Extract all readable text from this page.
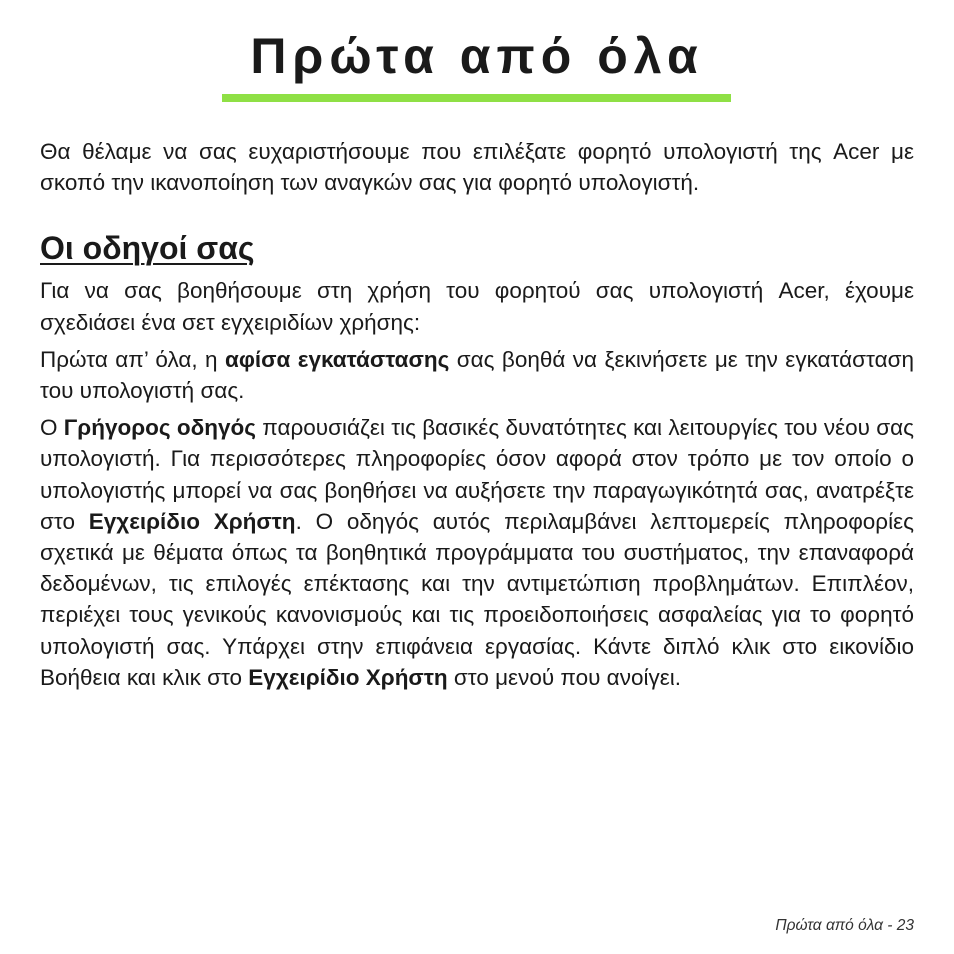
Πρώτα από όλα

Θα θέλαμε να σας ευχαριστήσουμε που επιλέξατε φορητό υπολογιστή της Acer με σκοπό την ικανοποίηση των αναγκών σας για φορητό υπολογιστή.

Οι οδηγοί σας

Για να σας βοηθήσουμε στη χρήση του φορητού σας υπολογιστή Acer, έχουμε σχεδιάσει ένα σετ εγχειριδίων χρήσης:

Πρώτα απ’ όλα, η αφίσα εγκατάστασης σας βοηθά να ξεκινήσετε με την εγκατάσταση του υπολογιστή σας.

Ο Γρήγορος οδηγός παρουσιάζει τις βασικές δυνατότητες και λειτουργίες του νέου σας υπολογιστή. Για περισσότερες πληροφορίες όσον αφορά στον τρόπο με τον οποίο ο υπολογιστής μπορεί να σας βοηθήσει να αυξήσετε την παραγωγικότητά σας, ανατρέξτε στο Εγχειρίδιο Χρήστη. Ο οδηγός αυτός περιλαμβάνει λεπτομερείς πληροφορίες σχετικά με θέματα όπως τα βοηθητικά προγράμματα του συστήματος, την επαναφορά δεδομένων, τις επιλογές επέκτασης και την αντιμετώπιση προβλημάτων. Επιπλέον, περιέχει τους γενικούς κανονισμούς και τις προειδοποιήσεις ασφαλείας για το φορητό υπολογιστή σας. Υπάρχει στην επιφάνεια εργασίας. Κάντε διπλό κλικ στο εικονίδιο Βοήθεια και κλικ στο Εγχειρίδιο Χρήστη στο μενού που ανοίγει.

Πρώτα από όλα - 23
